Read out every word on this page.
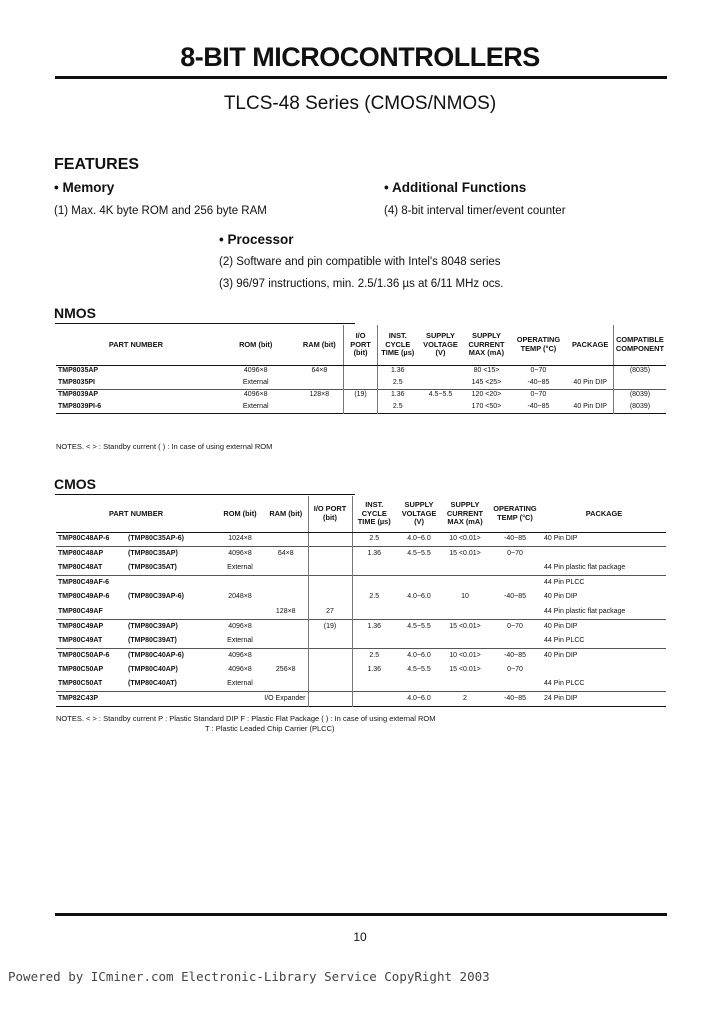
8-BIT MICROCONTROLLERS
TLCS-48 Series (CMOS/NMOS)
FEATURES
• Memory
(1) Max. 4K byte ROM and 256 byte RAM
• Additional Functions
(4) 8-bit interval timer/event counter
• Processor
(2) Software and pin compatible with Intel's 8048 series
(3) 96/97 instructions, min. 2.5/1.36 µs at 6/11 MHz ocs.
NMOS
PART NUMBER	ROM (bit)	RAM (bit)	I/O PORT (bit)	INST. CYCLE TIME (µs)	SUPPLY VOLTAGE (V)	SUPPLY CURRENT MAX (mA)	OPERATING TEMP (°C)	PACKAGE	COMPATIBLE COMPONENT
TMP8035AP	4096×8	64×8		1.36		80 <15>	0~70		(8035)
TMP8035PI	External			2.5		145 <25>	-40~85	40 Pin DIP	
TMP8039AP	4096×8	128×8	(19)	1.36	4.5~5.5	120 <20>	0~70		(8039)
TMP8039PI-6	External			2.5		170 <50>	-40~85	40 Pin DIP	(8039)
NOTES. < > : Standby current ( ) : In case of using external ROM
CMOS
PART NUMBER		ROM (bit)	RAM (bit)	I/O PORT (bit)	INST. CYCLE TIME (µs)	SUPPLY VOLTAGE (V)	SUPPLY CURRENT MAX (mA)	OPERATING TEMP (°C)	PACKAGE
TMP80C48AP-6	(TMP80C35AP-6)	1024×8			2.5	4.0~6.0	10 <0.01>	-40~85	40 Pin DIP
TMP80C48AP	(TMP80C35AP)	4096×8	64×8		1.36	4.5~5.5	15 <0.01>	0~70	
TMP80C48AT	(TMP80C35AT)	External							44 Pin plastic flat package
TMP80C49AF-6									44 Pin PLCC
TMP80C49AP-6	(TMP80C39AP-6)	2048×8			2.5	4.0~6.0	10	-40~85	40 Pin DIP
TMP80C49AF			128×8	27					44 Pin plastic flat package
TMP80C49AP	(TMP80C39AP)	4096×8		(19)	1.36	4.5~5.5	15 <0.01>	0~70	40 Pin DIP
TMP80C49AT	(TMP80C39AT)	External							44 Pin PLCC
TMP80C50AP-6	(TMP80C40AP-6)	4096×8			2.5	4.0~6.0	10 <0.01>	-40~85	40 Pin DIP
TMP80C50AP	(TMP80C40AP)	4096×8	256×8		1.36	4.5~5.5	15 <0.01>	0~70	
TMP80C50AT	(TMP80C40AT)	External							44 Pin PLCC
TMP82C43P		I/O Expander				4.0~6.0	2	-40~85	24 Pin DIP
NOTES. < > : Standby current P : Plastic Standard DIP F : Plastic Flat Package ( ) : In case of using external ROM
T : Plastic Leaded Chip Carrier (PLCC)
10
Powered by ICminer.com Electronic-Library Service CopyRight 2003
